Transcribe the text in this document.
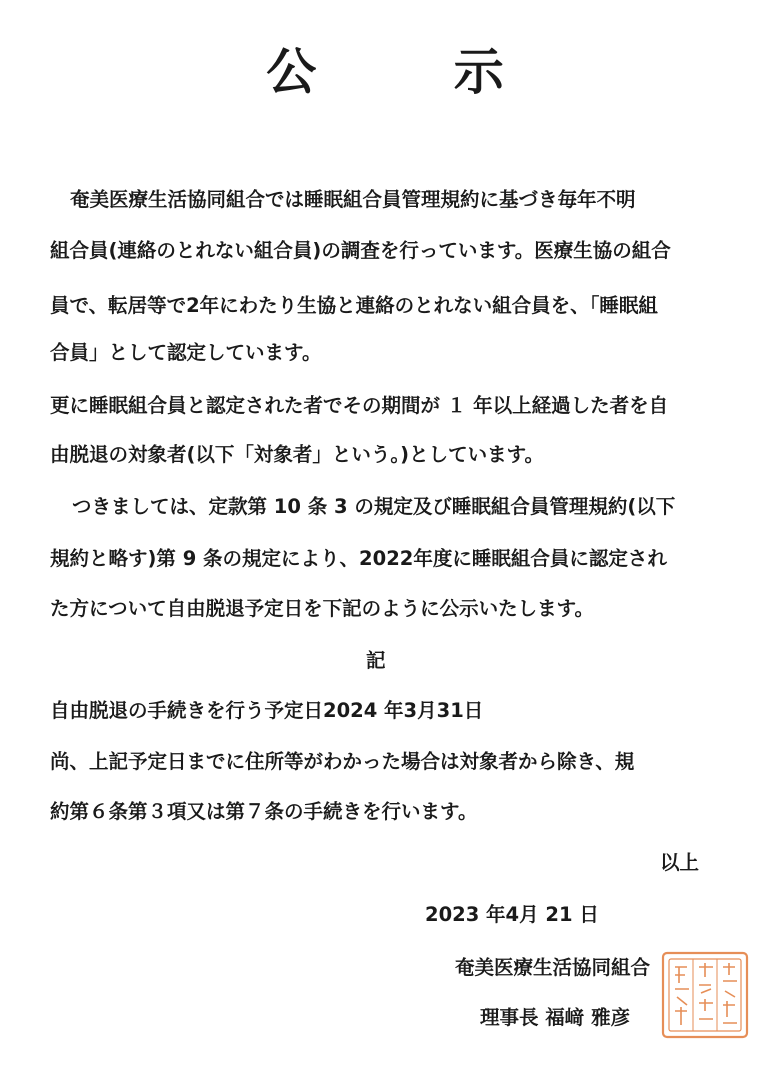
公 示
奄美医療生活協同組合では睡眠組合員管理規約に基づき毎年不明
組合員(連絡のとれない組合員)の調査を行っています。医療生協の組合
員で、転居等で2年にわたり生協と連絡のとれない組合員を、「睡眠組
合員」として認定しています。
更に睡眠組合員と認定された者でその期間が １ 年以上経過した者を自
由脱退の対象者(以下「対象者」という。)としています。
つきましては、定款第 10 条 3 の規定及び睡眠組合員管理規約(以下
規約と略す)第 9 条の規定により、2022年度に睡眠組合員に認定され
た方について自由脱退予定日を下記のように公示いたします。
記
自由脱退の手続きを行う予定日2024 年3月31日
尚、上記予定日までに住所等がわかった場合は対象者から除き、規
約第６条第３項又は第７条の手続きを行います。
以上
2023 年4月 21 日
奄美医療生活協同組合
理事長 福﨑 雅彦
